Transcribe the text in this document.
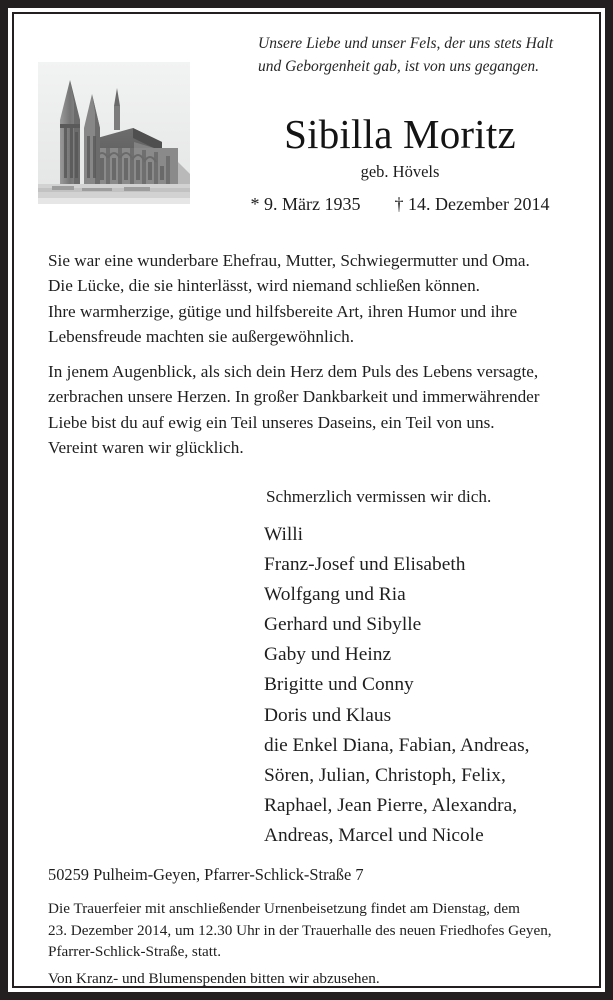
Unsere Liebe und unser Fels, der uns stets Halt
und Geborgenheit gab, ist von uns gegangen.
Sibilla Moritz
geb. Hövels
* 9. März 1935 † 14. Dezember 2014
Sie war eine wunderbare Ehefrau, Mutter, Schwiegermutter und Oma.
Die Lücke, die sie hinterlässt, wird niemand schließen können.
Ihre warmherzige, gütige und hilfsbereite Art, ihren Humor und ihre
Lebensfreude machten sie außergewöhnlich.
In jenem Augenblick, als sich dein Herz dem Puls des Lebens versagte,
zerbrachen unsere Herzen. In großer Dankbarkeit und immerwährender
Liebe bist du auf ewig ein Teil unseres Daseins, ein Teil von uns.
Vereint waren wir glücklich.
Schmerzlich vermissen wir dich.
Willi
Franz-Josef und Elisabeth
Wolfgang und Ria
Gerhard und Sibylle
Gaby und Heinz
Brigitte und Conny
Doris und Klaus
die Enkel Diana, Fabian, Andreas,
Sören, Julian, Christoph, Felix,
Raphael, Jean Pierre, Alexandra,
Andreas, Marcel und Nicole
50259 Pulheim-Geyen, Pfarrer-Schlick-Straße 7
Die Trauerfeier mit anschließender Urnenbeisetzung findet am Dienstag, dem
23. Dezember 2014, um 12.30 Uhr in der Trauerhalle des neuen Friedhofes Geyen,
Pfarrer-Schlick-Straße, statt.
Von Kranz- und Blumenspenden bitten wir abzusehen.
